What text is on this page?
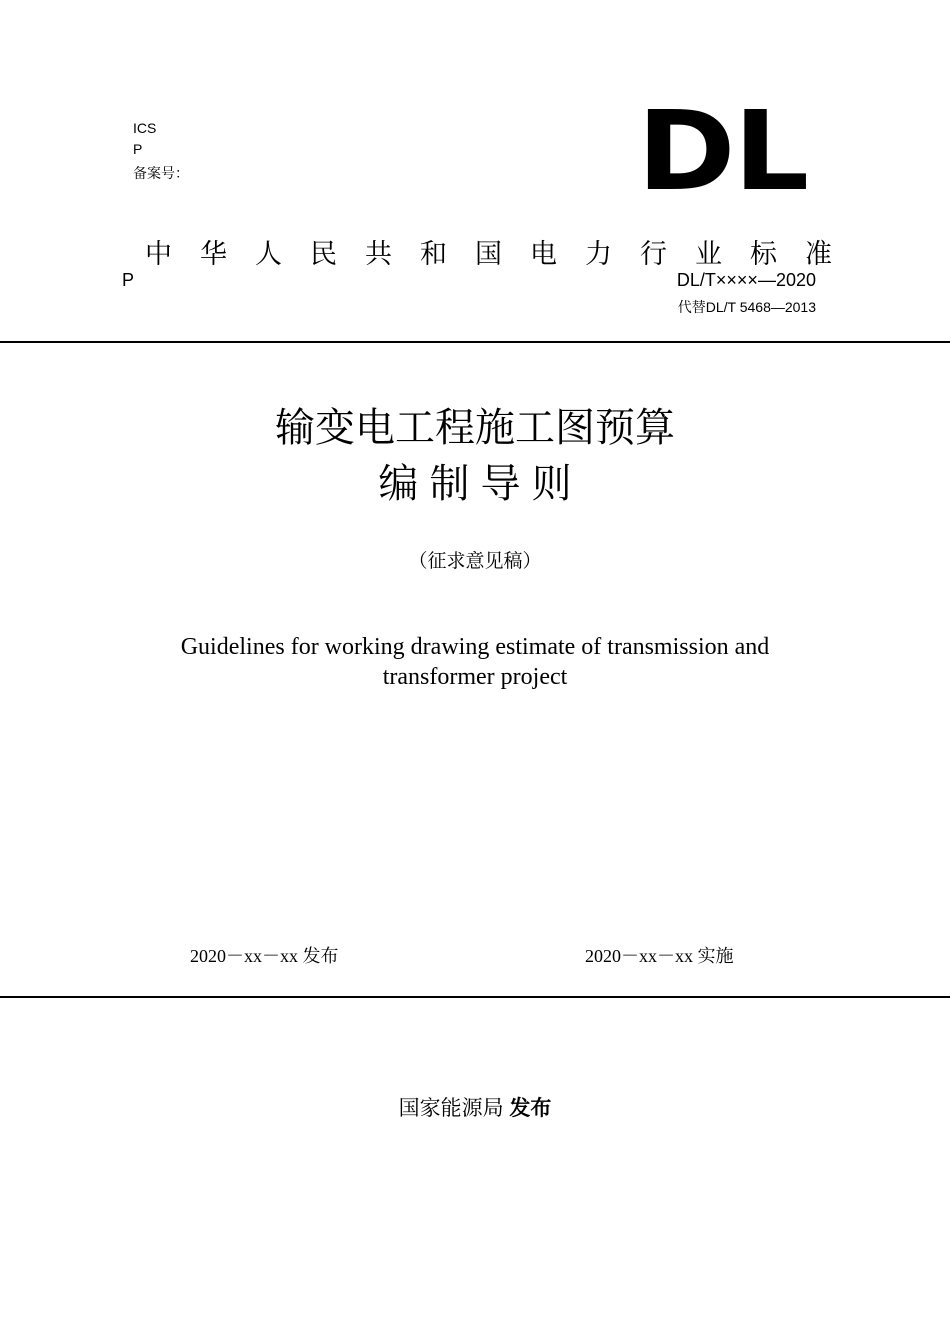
ICS
P
备案号：	DL
中华人民共和国电力行业标准
P	DL/T××××—2020
代替DL/T 5468—2013
输变电工程施工图预算
编 制 导 则
（征求意见稿）
Guidelines for working drawing estimate of transmission and
transformer project
2020－xx－xx 发布	2020－xx－xx 实施
国家能源局 发布
